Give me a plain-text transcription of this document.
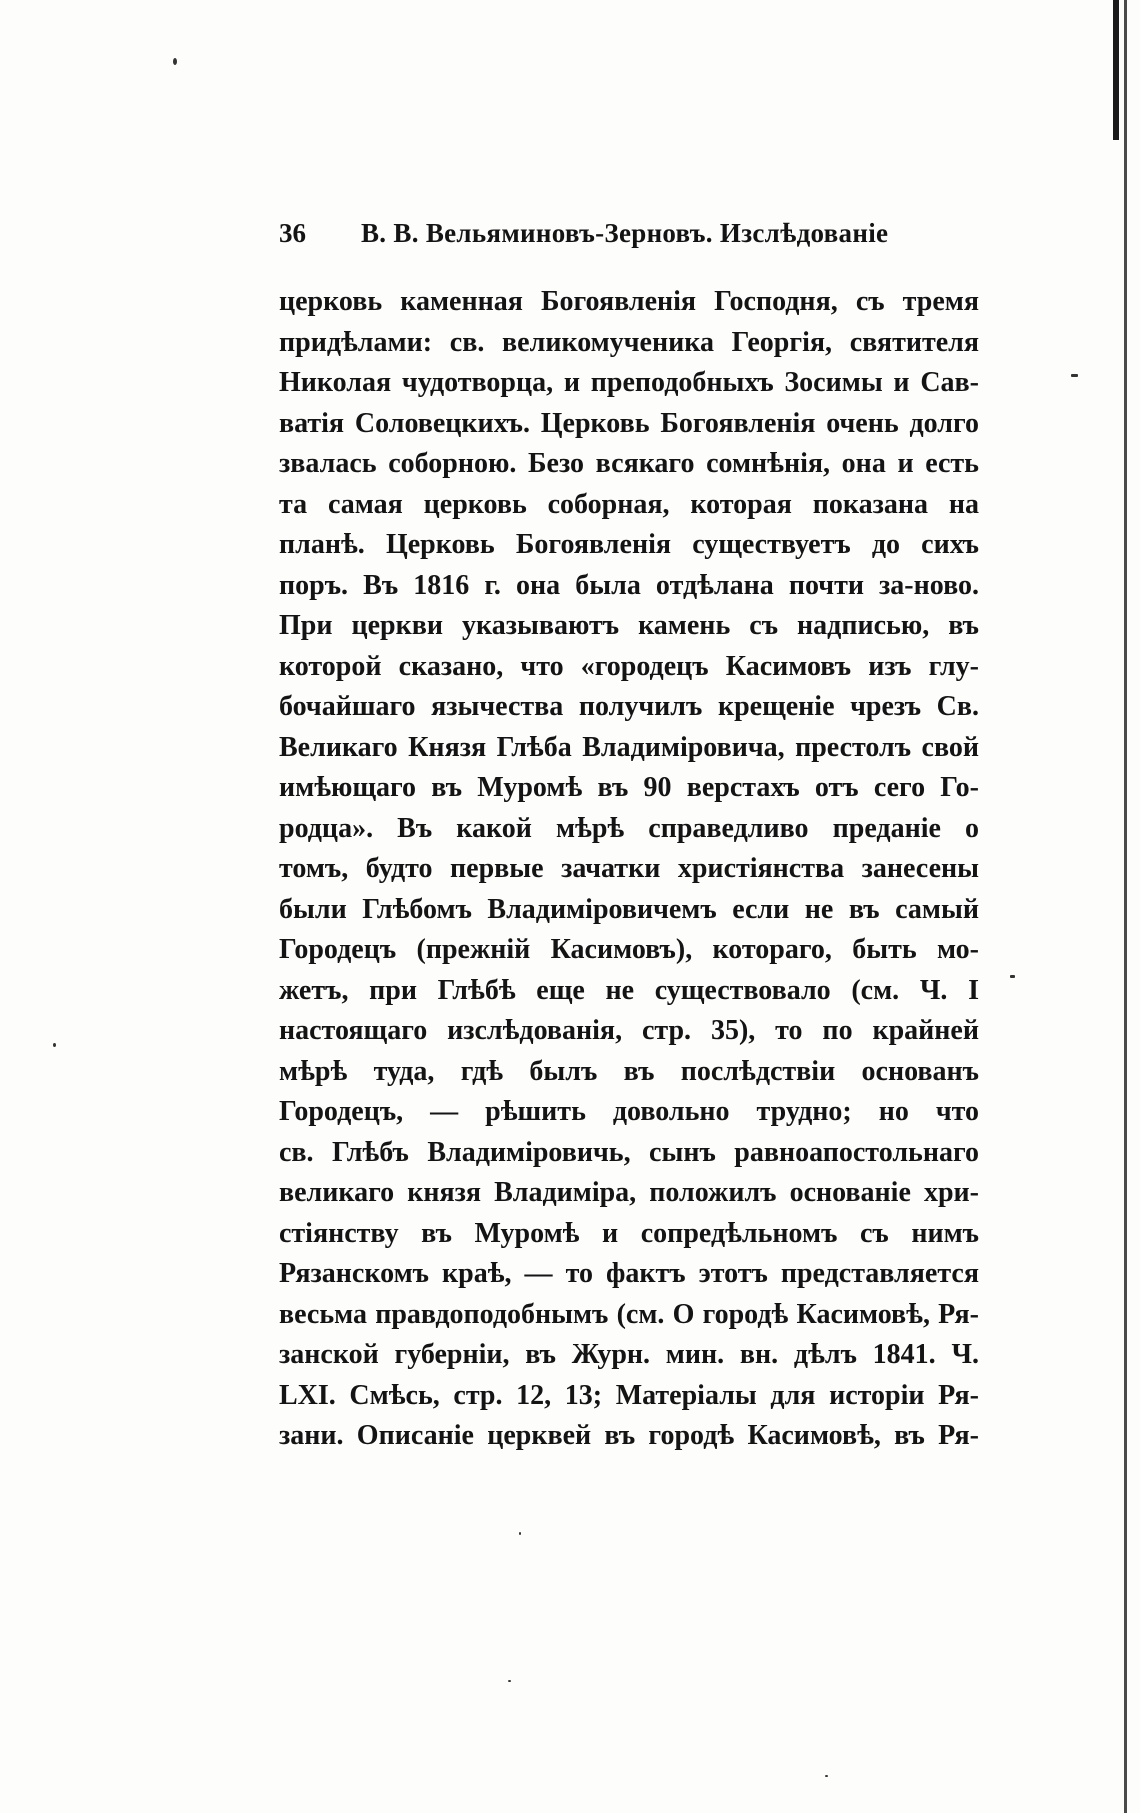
36 В. В. Вельяминовъ-Зерновъ. Изслѣдованіе
церковь каменная Богоявленія Господня, съ тремя
придѣлами: св. великомученика Георгія, святителя
Николая чудотворца, и преподобныхъ Зосимы и Сав-
ватія Соловецкихъ. Церковь Богоявленія очень долго
звалась соборною. Безо всякаго сомнѣнія, она и есть
та самая церковь соборная, которая показана на
планѣ. Церковь Богоявленія существуетъ до сихъ
поръ. Въ 1816 г. она была отдѣлана почти за-ново.
При церкви указываютъ камень съ надписью, въ
которой сказано, что «городецъ Касимовъ изъ глу-
бочайшаго язычества получилъ крещеніе чрезъ Св.
Великаго Князя Глѣба Владиміровича, престолъ свой
имѣющаго въ Муромѣ въ 90 верстахъ отъ сего Го-
родца». Въ какой мѣрѣ справедливо преданіе о
томъ, будто первые зачатки христіянства занесены
были Глѣбомъ Владиміровичемъ если не въ самый
Городецъ (прежній Касимовъ), котораго, быть мо-
жетъ, при Глѣбѣ еще не существовало (см. Ч. I
настоящаго изслѣдованія, стр. 35), то по крайней
мѣрѣ туда, гдѣ былъ въ послѣдствіи основанъ
Городецъ, — рѣшить довольно трудно; но что
св. Глѣбъ Владиміровичь, сынъ равноапостольнаго
великаго князя Владиміра, положилъ основаніе хри-
стіянству въ Муромѣ и сопредѣльномъ съ нимъ
Рязанскомъ краѣ, — то фактъ этотъ представляется
весьма правдоподобнымъ (см. О городѣ Касимовѣ, Ря-
занской губерніи, въ Журн. мин. вн. дѣлъ 1841. Ч.
LXI. Смѣсь, стр. 12, 13; Матеріалы для исторіи Ря-
зани. Описаніе церквей въ городѣ Касимовѣ, въ Ря-
